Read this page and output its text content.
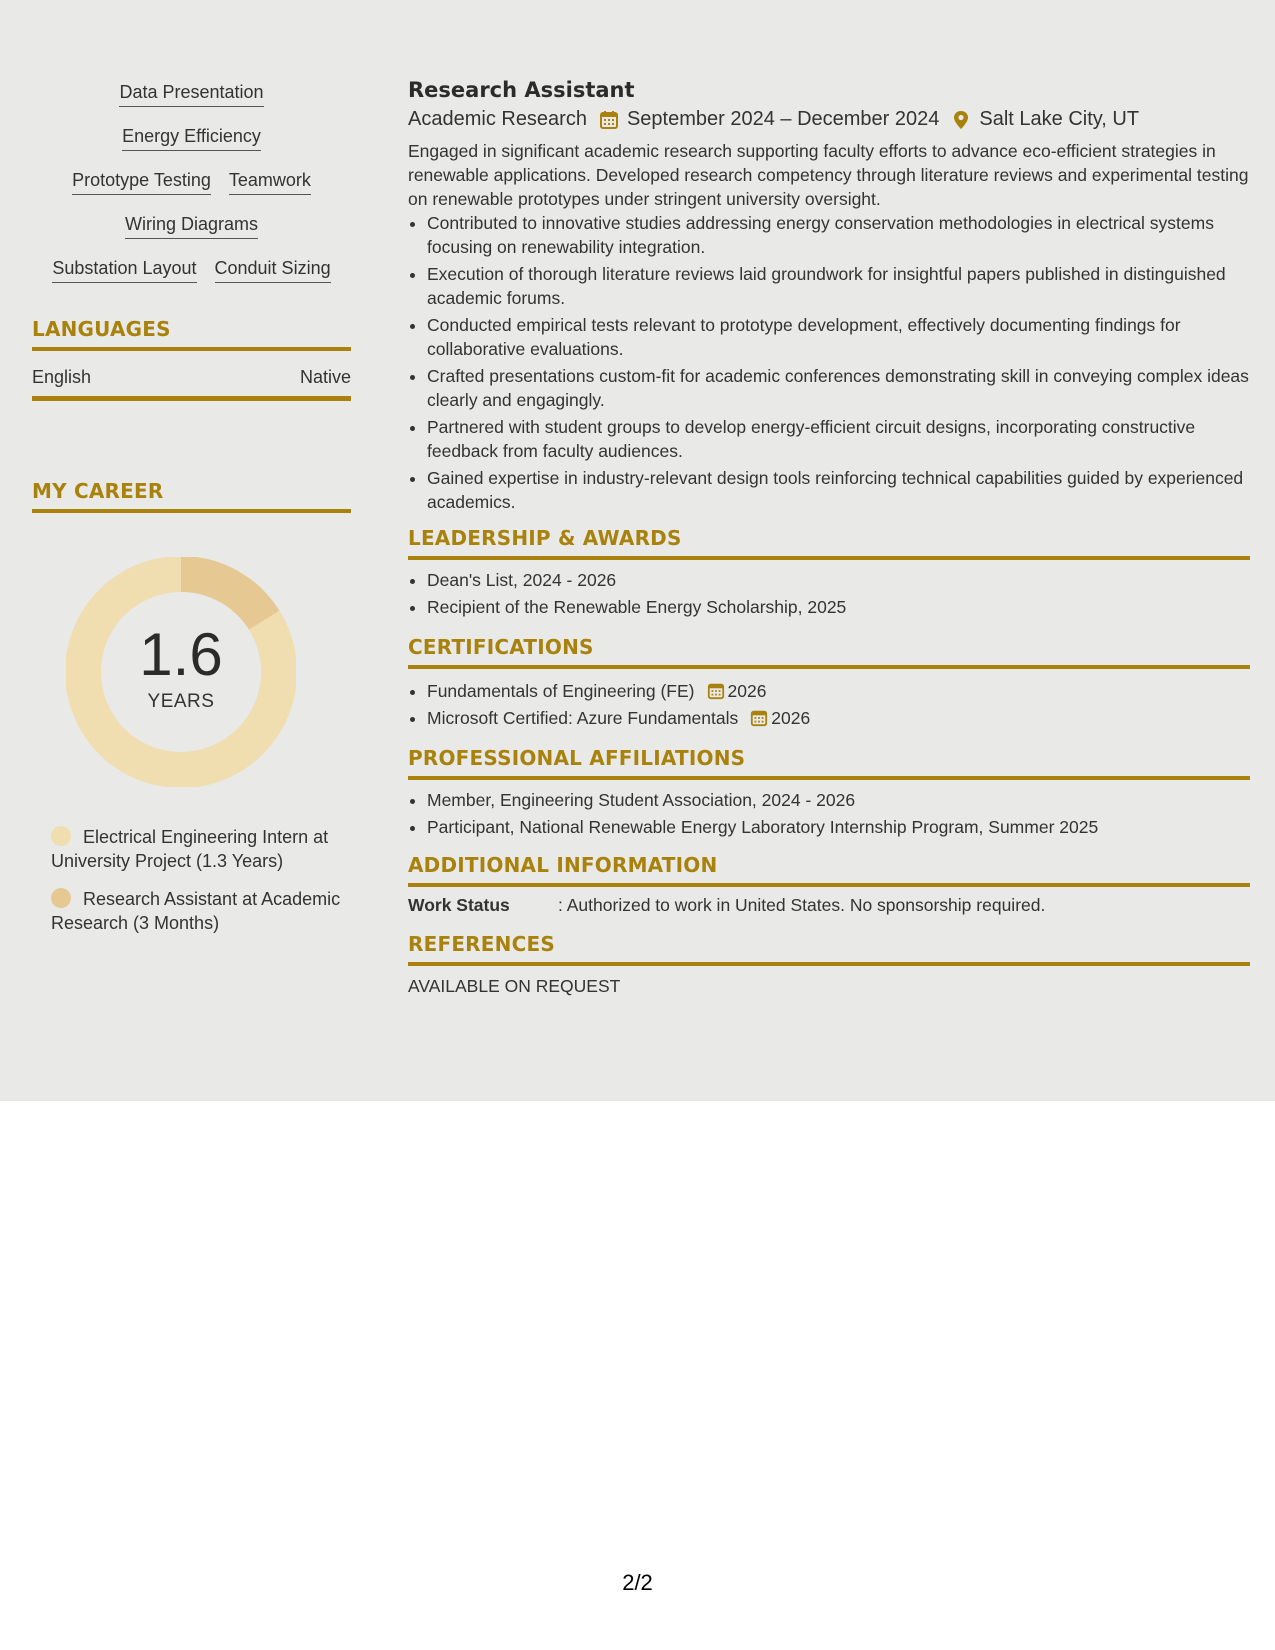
Data Presentation
Energy Efficiency
Prototype Testing Teamwork
Wiring Diagrams
Substation Layout Conduit Sizing
LANGUAGES
English	Native
MY CAREER
1.6
YEARS
Electrical Engineering Intern at University Project (1.3 Years)
Research Assistant at Academic Research (3 Months)
Research Assistant
Academic Research September 2024 – December 2024 Salt Lake City, UT
Engaged in significant academic research supporting faculty efforts to advance eco-efficient strategies in renewable applications. Developed research competency through literature reviews and experimental testing on renewable prototypes under stringent university oversight.
• Contributed to innovative studies addressing energy conservation methodologies in electrical systems focusing on renewability integration.
• Execution of thorough literature reviews laid groundwork for insightful papers published in distinguished academic forums.
• Conducted empirical tests relevant to prototype development, effectively documenting findings for collaborative evaluations.
• Crafted presentations custom-fit for academic conferences demonstrating skill in conveying complex ideas clearly and engagingly.
• Partnered with student groups to develop energy-efficient circuit designs, incorporating constructive feedback from faculty audiences.
• Gained expertise in industry-relevant design tools reinforcing technical capabilities guided by experienced academics.
LEADERSHIP & AWARDS
• Dean's List, 2024 - 2026
• Recipient of the Renewable Energy Scholarship, 2025
CERTIFICATIONS
• Fundamentals of Engineering (FE) 2026
• Microsoft Certified: Azure Fundamentals 2026
PROFESSIONAL AFFILIATIONS
• Member, Engineering Student Association, 2024 - 2026
• Participant, National Renewable Energy Laboratory Internship Program, Summer 2025
ADDITIONAL INFORMATION
Work Status	: Authorized to work in United States. No sponsorship required.
REFERENCES
AVAILABLE ON REQUEST
2/2
